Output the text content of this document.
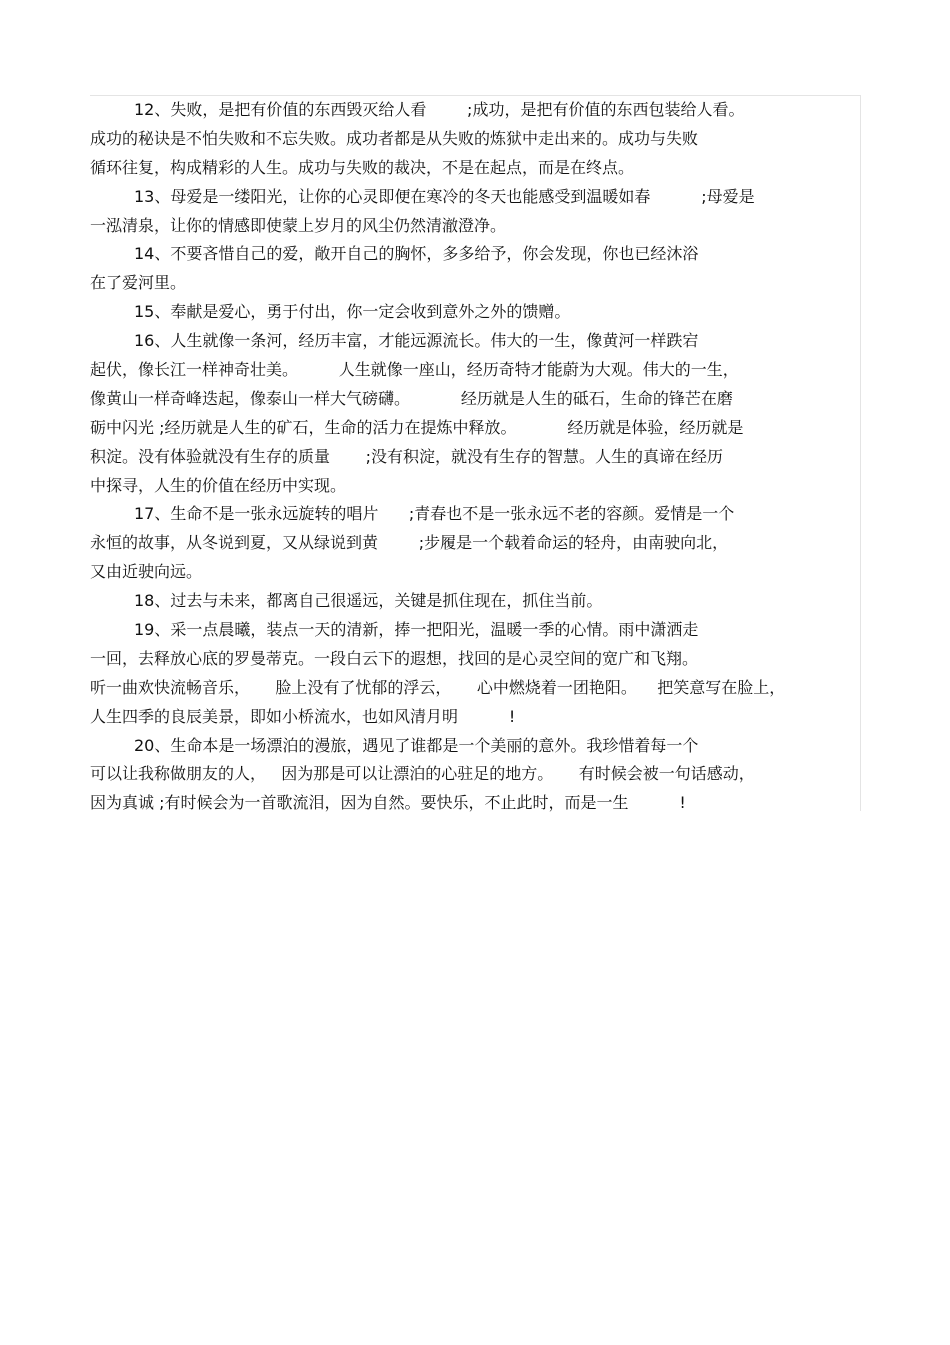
12、失败，是把有价值的东西毁灭给人看        ;成功，是把有价值的东西包装给人看。
成功的秘诀是不怕失败和不忘失败。成功者都是从失败的炼狱中走出来的。成功与失败
循环往复，构成精彩的人生。成功与失败的裁决，不是在起点，而是在终点。
13、母爱是一缕阳光，让你的心灵即便在寒冷的冬天也能感受到温暖如春          ;母爱是
一泓清泉，让你的情感即使蒙上岁月的风尘仍然清澈澄净。
14、不要吝惜自己的爱，敞开自己的胸怀，多多给予，你会发现，你也已经沐浴
在了爱河里。
15、奉献是爱心，勇于付出，你一定会收到意外之外的馈赠。
16、人生就像一条河，经历丰富，才能远源流长。伟大的一生，像黄河一样跌宕
起伏，像长江一样神奇壮美。        人生就像一座山，经历奇特才能蔚为大观。伟大的一生，
像黄山一样奇峰迭起，像泰山一样大气磅礴。          经历就是人生的砥石，生命的锋芒在磨
砺中闪光 ;经历就是人生的矿石，生命的活力在提炼中释放。          经历就是体验，经历就是
积淀。没有体验就没有生存的质量       ;没有积淀，就没有生存的智慧。人生的真谛在经历
中探寻，人生的价值在经历中实现。
17、生命不是一张永远旋转的唱片      ;青春也不是一张永远不老的容颜。爱情是一个
永恒的故事，从冬说到夏，又从绿说到黄        ;步履是一个载着命运的轻舟，由南驶向北，
又由近驶向远。
18、过去与未来，都离自己很遥远，关键是抓住现在，抓住当前。
19、采一点晨曦，装点一天的清新，捧一把阳光，温暖一季的心情。雨中潇洒走
一回，去释放心底的罗曼蒂克。一段白云下的遐想，找回的是心灵空间的宽广和飞翔。
听一曲欢快流畅音乐，     脸上没有了忧郁的浮云，     心中燃烧着一团艳阳。    把笑意写在脸上，
人生四季的良辰美景，即如小桥流水，也如风清月明          !
20、生命本是一场漂泊的漫旅，遇见了谁都是一个美丽的意外。我珍惜着每一个
可以让我称做朋友的人，   因为那是可以让漂泊的心驻足的地方。     有时候会被一句话感动，
因为真诚 ;有时候会为一首歌流泪，因为自然。要快乐，不止此时，而是一生          !
